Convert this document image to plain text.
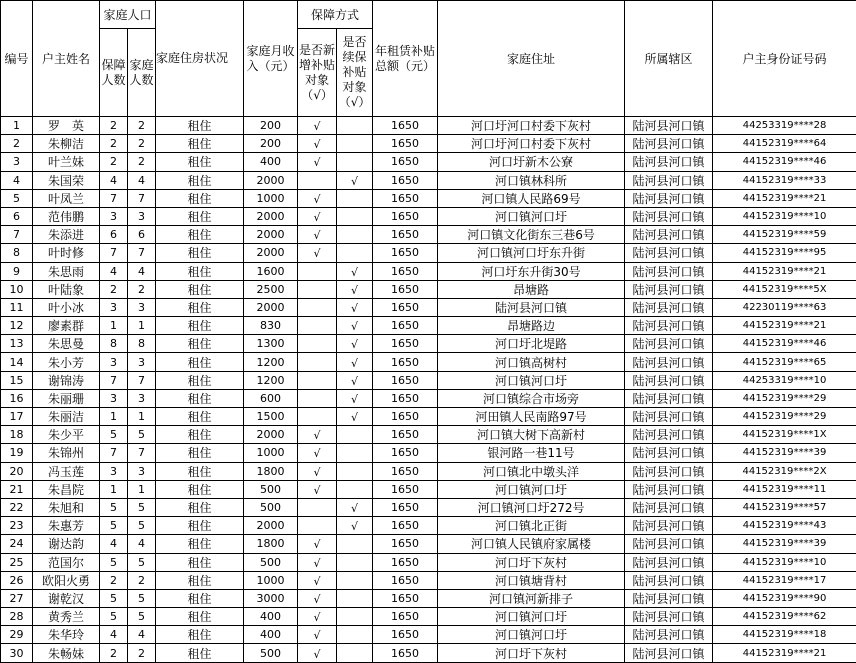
编号	户主姓名	家庭人口		家庭住房状况	家庭月收入（元）	保障方式		年租赁补贴总额（元）	家庭住址	所属辖区	户主身份证号码
		保障人数	家庭人数			是否新增补贴对象（√）	是否续保补贴对象（√）				

1	罗　英	2	2	租住	200	√		1650	河口圩河口村委下灰村	陆河县河口镇	44253319****28
2	朱柳洁	2	2	租住	200	√		1650	河口圩河口村委下灰村	陆河县河口镇	44152319****64
3	叶兰妹	2	2	租住	400	√		1650	河口圩新木公寮	陆河县河口镇	44152319****46
4	朱国荣	4	4	租住	2000		√	1650	河口镇林科所	陆河县河口镇	44152319****33
5	叶凤兰	7	7	租住	1000	√		1650	河口镇人民路69号	陆河县河口镇	44152319****21
6	范伟鹏	3	3	租住	2000	√		1650	河口镇河口圩	陆河县河口镇	44152319****10
7	朱添进	6	6	租住	2000	√		1650	河口镇文化街东三巷6号	陆河县河口镇	44152319****59
8	叶时修	7	7	租住	2000	√		1650	河口镇河口圩东升街	陆河县河口镇	44152319****95
9	朱思雨	4	4	租住	1600		√	1650	河口圩东升街30号	陆河县河口镇	44152319****21
10	叶陆象	2	2	租住	2500		√	1650	昂塘路	陆河县河口镇	44152319****5X
11	叶小冰	3	3	租住	2000		√	1650	陆河县河口镇	陆河县河口镇	42230119****63
12	廖素群	1	1	租住	830		√	1650	昂塘路边	陆河县河口镇	44152319****21
13	朱思曼	8	8	租住	1300		√	1650	河口圩北堤路	陆河县河口镇	44152319****46
14	朱小芳	3	3	租住	1200		√	1650	河口镇高树村	陆河县河口镇	44152319****65
15	谢锦涛	7	7	租住	1200		√	1650	河口镇河口圩	陆河县河口镇	44253319****10
16	朱丽珊	3	3	租住	600		√	1650	河口镇综合市场旁	陆河县河口镇	44152319****29
17	朱丽洁	1	1	租住	1500		√	1650	河田镇人民南路97号	陆河县河口镇	44152319****29
18	朱少平	5	5	租住	2000	√		1650	河口镇大树下高新村	陆河县河口镇	44152319****1X
19	朱锦州	7	7	租住	1000	√		1650	银河路一巷11号	陆河县河口镇	44152319****39
20	冯玉莲	3	3	租住	1800	√		1650	河口镇北中墩头洋	陆河县河口镇	44152319****2X
21	朱昌院	1	1	租住	500	√		1650	河口镇河口圩	陆河县河口镇	44152319****11
22	朱旭和	5	5	租住	500		√	1650	河口镇河口圩272号	陆河县河口镇	44152319****57
23	朱惠芳	5	5	租住	2000		√	1650	河口镇北正街	陆河县河口镇	44152319****43
24	谢达韵	4	4	租住	1800	√		1650	河口镇人民镇府家属楼	陆河县河口镇	44152319****39
25	范国尔	5	5	租住	500	√		1650	河口圩下灰村	陆河县河口镇	44152319****10
26	欧阳火勇	2	2	租住	1000	√		1650	河口镇塘背村	陆河县河口镇	44152319****17
27	谢乾汉	5	5	租住	3000	√		1650	河口镇河新排子	陆河县河口镇	44152319****90
28	黄秀兰	5	5	租住	400	√		1650	河口镇河口圩	陆河县河口镇	44152319****62
29	朱华玲	4	4	租住	400	√		1650	河口镇河口圩	陆河县河口镇	44152319****18
30	朱畅妹	2	2	租住	500	√		1650	河口圩下灰村	陆河县河口镇	44152319****21
